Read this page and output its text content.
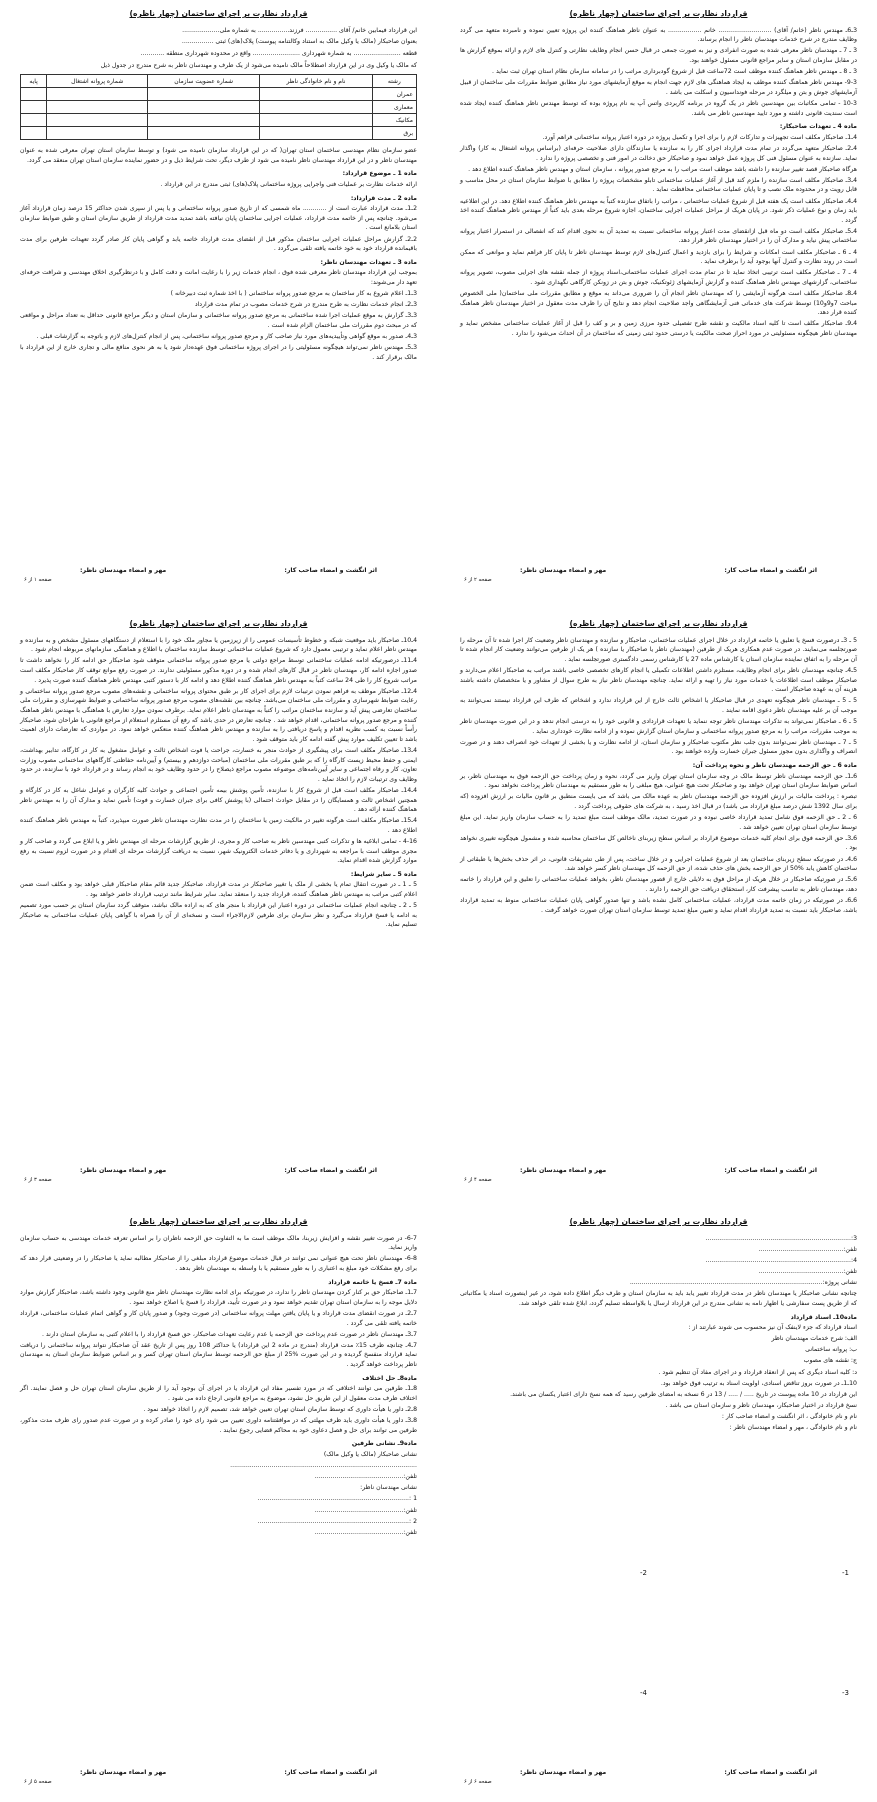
قرارداد نظارت بر اجرای ساختمان (چهار ناظره)
این قرارداد فیمابین خانم/ آقای ................ فرزند................ به شماره ملی...................
بعنوان صاحبکار (مالک یا وکیل مالک به استناد وکالتنامه پیوست) پلاک(های) ثبتی ................
قطعه ........................ به شماره شهرداری ........................ واقع در محدوده شهرداری منطقه ............
که مالک یا وکیل وی در این قرارداد اصطلاحاً مالک نامیده می‌شود از یک طرف و مهندسان ناظر به شرح مندرج در جدول ذیل
رشته	نام و نام خانوادگی ناظر	شماره عضویت سازمان	شماره پروانه اشتغال	پایه
عمران				
معماری				
مکانیک				
برق				
عضو سازمان نظام مهندسی ساختمان استان تهران( که در این قرارداد سازمان نامیده می شود) و توسط سازمان استان تهران معرفی شده به عنوان مهندسان ناظر و در این قرارداد مهندسان ناظر نامیده می شود از طرف دیگر، تحت شرایط ذیل و در حضور نماینده سازمان استان تهران منعقد می گردد.
ماده 1 ـ موضوع قرارداد:
ارائه خدمات نظارت بر عملیات فنی واجرایی پروژه ساختمانی پلاک(های) ثبتی مندرج در این قرارداد .
ماده 2 ـ مدت قرارداد:
2ـ1ـ مدت قرارداد عبارت است از ............ ماه شمسی که از تاریخ صدور پروانه ساختمانی و یا پس از سپری شدن حداکثر 15 درصد زمان قرارداد آغاز می‌شود. چنانچه پس از خاتمه مدت قرارداد، عملیات اجرایی ساختمان پایان نیافته باشد تمدید مدت قرارداد از طریق سازمان استان و طبق ضوابط سازمان استان بلامانع است .
2ـ2ـ گزارش مراحل عملیات اجرایی ساختمان مذکور قبل از انقضای مدت قرارداد خاتمه یابد و گواهی پایان کار صادر گردد تعهدات طرفین برای مدت باقیمانده قرارداد خود به خود خاتمه یافته تلقی می‌گردد .
ماده 3 ـ تعهدات مهندسان ناظر:
بموجب این قرارداد مهندسان ناظر معرفی شده فوق ، انجام خدمات زیر را با رعایت امانت و دقت کامل و با درنظرگیری اخلاق مهندسی و شرافت حرفه‌ای تعهد دار می‌شوند:
3ـ1ـ اعلام شروع به کار ساختمان به مرجع صدور پروانه ساختمانی ( با اخذ شماره ثبت دبیرخانه )
3ـ2ـ انجام خدمات نظارت به طرح مندرج در شرح خدمات مصوب در تمام مدت قرارداد
3ـ3ـ گزارش به موقع عملیات اجرا شده ساختمانی به مرجع صدور پروانه ساختمانی و سازمان استان و دیگر مراجع قانونی حداقل به تعداد مراحل و مواقعی که در مبحث دوم مقررات ملی ساختمان الزام شده است .
3ـ4ـ صدور به موقع گواهی وتأییدیه‌های مورد نیاز صاحب کار و مرجع صدور پروانه ساختمانی، پس از انجام کنترل‌های لازم و باتوجه به گزارشات قبلی .
3ـ5ـ مهندس ناظر نمی‌تواند هیچگونه مسئولیتی را در اجرای پروژه ساختمانی فوق عهده‌دار شود یا به هر نحوی منافع مالی و تجاری خارج از این قرارداد با مالک برقرار کند .
اثر انگشت و امضاء صاحب کار:
مهر و امضاء مهندسان ناظر:
صفحه ۱ از ۶
قرارداد نظارت بر اجرای ساختمان (چهار ناظره)
3ـ6ـ مهندس ناظر (خانم/ آقای) ........................... خانم ................. به عنوان ناظر هماهنگ کننده این پروژه تعیین نموده و نامبرده متعهد می گردد وظایف مندرج در شرح خدمات مهندسان ناظر را انجام برساند.
3 ـ 7 ـ مهندسان ناظر معرفی شده به صورت انفرادی و نیز به صورت جمعی در قبال حسن انجام وظایف نظارتی و کنترل های لازم و ارائه بموقع گزارش ها در مقابل سازمان استان و سایر مراجع قانونی مسئول خواهند بود.
3 ـ 8 ـ مهندس ناظر هماهنگ کننده موظف است 72ساعت قبل از شروع گودبرداری مراتب را در سامانه سازمان نظام استان تهران ثبت نماید .
9-3- مهندس ناظر هماهنگ کننده موظف به ایجاد هماهنگی های لازم جهت انجام به موقع آزمایشهای مورد نیاز مطابق ضوابط مقررات ملی ساختمان از قبیل آزمایشهای جوش و بتن و میلگرد در مرحله فونداسیون و اسکلت می باشد .
10-3 - تمامی مکاتبات بین مهندسین ناظر در یک گروه در برنامه کاربردی واتس آپ به نام پروژه بوده که توسط مهندس ناظر هماهنگ کننده ایجاد شده است سندیت قانونی داشته و مورد تایید مهندسین ناظر می باشد.
ماده 4 ـ تعهدات صاحبکار:
4ـ1ـ صاحبکار مکلف است تجهیزات و تدارکات لازم را برای اجرا و تکمیل پروژه در دوره اعتبار پروانه ساختمانی فراهم آورد.
4ـ2ـ صاحبکار متعهد می‌گردد در تمام مدت قرارداد اجرای کار را به سازنده یا سازندگان دارای صلاحیت حرفه‌ای (براساس پروانه اشتغال به کار) واگذار نماید. سازنده به عنوان مسئول فنی کل پروژه عمل خواهد نمود و صاحبکار حق دخالت در امور فنی و تخصصی پروژه را ندارد .
هرگاه صاحبکار قصد تغییر سازنده را داشته باشد موظف است مراتب را به مرجع صدور پروانه ، سازمان استان و مهندس ناظر هماهنگ کننده اطلاع دهد .
4ـ3ـ صاحبکار مکلف است سازنده را ملزم کند قبل از آغاز عملیات ساختمانی تابلو مشخصات پروژه را مطابق با ضوابط سازمان استان در محل مناسب و قابل رویت و در محدوده ملک نصب و تا پایان عملیات ساختمانی محافظت نماید .
4ـ4ـ صاحبکار مکلف است یک هفته قبل از شروع عملیات ساختمانی ، مراتب را باتفاق سازنده کتباً به مهندس ناظر هماهنگ کننده اطلاع دهد. در این اطلاعیه باید زمان و نوع عملیات ذکر شود. در پایان هریک از مراحل عملیات اجرایی ساختمان، اجازه شروع مرحله بعدی باید کتباً از مهندس ناظر هماهنگ کننده اخذ گردد .
4ـ5ـ صاحبکار مکلف است دو ماه قبل ازانقضای مدت اعتبار پروانه ساختمانی نسبت به تمدید آن به نحوی اقدام کند که انفصالی در استمرار اعتبار پروانه ساختمانی پیش نیاید و مدارک آن را در اختیار مهندسان ناظر قرار دهد.
4 ـ 6 ـ صاحبکار مکلف است امکانات و شرایط را برای بازدید و اعمال کنترل‌های لازم توسط مهندسان ناظر تا پایان کار فراهم نماید و موانعی که ممکن است در روند نظارت و کنترل آنها بوجود آید را برطرف نماید .
4 ـ 7 ـ صاحبکار مکلف است ترتیبی اتخاذ نماید تا در تمام مدت اجرای عملیات ساختمانی،اسناد پروژه از جمله نقشه های اجرایی مصوب، تصویر پروانه ساختمانی، گزارشهای مهندس ناظر هماهنگ کننده و گزارش آزمایشهای ژئوتکنیک، جوش و بتن در زونکن کارگاهی نگهداری شود .
4ـ8ـ صاحبکار مکلف است هرگونه آزمایشی را که مهندسان ناظر انجام آن را ضروری می‌داند به موقع و مطابق مقررات ملی ساختمان( ملی الخصوص مباحث 7و9و10) توسط شرکت های خدماتی فنی آزمایشگاهی واجد صلاحیت انجام دهد و نتایج آن را ظرف مدت معقول در اختیار مهندسان ناظر هماهنگ کننده قرار دهد.
4ـ9ـ صاحبکار مکلف است تا کلیه اسناد مالکیت و نقشه طرح تفصیلی حدود مرزی زمین و بر و کف را قبل از آغاز عملیات ساختمانی مشخص نماید و مهندسان ناظر هیچگونه مسئولیتی در مورد احراز صحت مالکیت یا درستی حدود ثبتی زمینی که ساختمان در آن احداث می‌شود را ندارد .
اثر انگشت و امضاء صاحب کار:
مهر و امضاء مهندسان ناظر:
صفحه ۲ از ۶
قرارداد نظارت بر اجرای ساختمان (چهار ناظره)
4ـ10ـ صاحبکار باید موقعیت شبکه و خطوط تأسیسات عمومی را از زیرزمین یا مجاور ملک خود را با استعلام از دستگاههای مسئول مشخص و به سازنده و مهندس ناظر اعلام نماید و ترتیبی معمول دارد که شروع عملیات ساختمانی توسط سازنده ساختمان با اطلاع و هماهنگی سازمانهای مربوطه انجام شود .
4ـ11ـ درصورتیکه ادامه عملیات ساختمانی توسط مراجع دولتی یا مرجع صدور پروانه ساختمانی متوقف شود صاحبکار حق ادامه کار را نخواهد داشت تا صدور اجازه ادامه کار، مهندسان ناظر در قبال کارهای انجام شده و در دوره مذکور مسئولیتی ندارند. در صورت رفع موانع توقف کار صاحبکار مکلف است مراتب شروع کار را طی 24 ساعت کتباً به مهندس ناظر هماهنگ کننده اطلاع دهد و ادامه کار با دستور کتبی مهندس ناظر هماهنگ کننده صورت پذیرد .
4ـ12ـ صاحبکار موظف به فراهم نمودن ترتیبات لازم برای اجرای کار بر طبق محتوای پروانه ساختمانی و نقشه‌های مصوب مرجع صدور پروانه ساختمانی و رعایت ضوابط شهرسازی و مقررات ملی ساختمان می‌باشد. چنانچه بین نقشه‌های مصوب مرجع صدور پروانه ساختمانی و ضوابط شهرسازی و مقررات ملی ساختمان تعارضی پیش آید و سازنده ساختمان مراتب را کتباً به مهندسان ناظر اعلام نماید. برطرف نمودن موارد تعارض با هماهنگی با مهندس ناظر هماهنگ کننده و مرجع صدور پروانه ساختمانی، اقدام خواهد شد . چنانچه تعارض در حدی باشد که رفع آن مستلزم استعلام از مراجع قانونی یا طراحان شود، صاحبکار رأساً نسبت به کسب نظریه اقدام و پاسخ دریافتی را به سازنده و مهندس ناظر هماهنگ کننده منعکس خواهد نمود. در مواردی که تعارضات دارای اهمیت باشد تا تعیین تکلیف موارد پیش گفته ادامه کار باید متوقف شود .
4ـ13ـ صاحبکار مکلف است برای پیشگیری از حوادث منجر به خسارت، جراحت یا فوت اشخاص ثالث و عوامل مشغول به کار در کارگاه، تدابیر بهداشت، ایمنی و حفظ محیط زیست کارگاه را که بر طبق مقررات ملی ساختمان (مباحث دوازدهم و بیستم) و آیین‌نامه حفاظتی کارگاههای ساختمانی مصوب وزارت تعاون، کار و رفاه اجتماعی و سایر آیین‌نامه‌های موضوعه مصوب مراجع ذیصلاح را در حدود وظایف خود به انجام رساند و در قرارداد خود با سازنده، در حدود وظایف وی ترتیبات لازم را اتخاذ نماید .
4ـ14ـ صاحبکار مکلف است قبل از شروع کار با سازنده، تأمین پوشش بیمه تأمین اجتماعی و حوادث کلیه کارگران و عوامل شاغل به کار در کارگاه و همچنین اشخاص ثالث و همسایگان را در مقابل حوادث احتمالی (با پوشش کافی برای جبران خسارت و فوت) تأمین نماید و مدارک آن را به مهندس ناظر هماهنگ کننده ارائه دهد .
4ـ15ـ صاحبکار مکلف است هرگونه تغییر در مالکیت زمین یا ساختمان را در مدت نظارت مهندسان ناظر صورت میپذیرد، کتباً به مهندس ناظر هماهنگ کننده اطلاع دهد .
4-16 - تمامی ابلاغیه ها و تذکرات کتبی مهندسین ناظر به صاحب کار و مجری، از طریق گزارشات مرحله ای مهندس ناظر و یا ابلاغ می گردد و صاحب کار و مجری موظف است با مراجعه به شهرداری و یا دفاتر خدمات الکترونیک شهر، نسبت به دریافت گزارشات مرحله ای اقدام و در صورت لزوم نسبت به رفع موارد گزارش شده اقدام نماید.
ماده 5 ـ سایر شرایط:
5 ـ 1 ـ در صورت انتقال تمام یا بخشی از ملک یا تغییر صاحبکار در مدت قرارداد، صاحبکار جدید قائم مقام صاحبکار قبلی خواهد بود و مکلف است ضمن اعلام کتبی مراتب به مهندس ناظر هماهنگ کننده، قرارداد جدید را منعقد نماید. سایر شرایط مانند ترتیب قرارداد حاضر خواهد بود .
5 ـ 2 ـ چنانچه انجام عملیات ساختمانی در دوره اعتبار این قرارداد با منجر های که به اراده مالک نباشد، متوقف گردد سازمان استان بر حسب مورد تصمیم به ادامه یا فسخ قرارداد می‌گیرد و نظر سازمان برای طرفین لازم‌الاجراء است و نسخه‌ای از آن را همراه با گواهی پایان عملیات ساختمانی به صاحبکار تسلیم نماید.
اثر انگشت و امضاء صاحب کار:
مهر و امضاء مهندسان ناظر:
صفحه ۳ از ۶
قرارداد نظارت بر اجرای ساختمان (چهار ناظره)
5 ـ 3ـ درصورت فسخ یا تعلیق یا خاتمه قرارداد در خلال اجرای عملیات ساختمانی، صاحبکار و سازنده و مهندسان ناظر وضعیت کار اجرا شده تا آن مرحله را صورتجلسه می‌نمایند. در صورت عدم همکاری هریک از طرفین (مهندسان ناظر یا صاحبکار یا سازنده ) هر یک از طرفین می‌توانند وضعیت کار انجام شده تا آن مرحله را به اتفاق نماینده سازمان استان یا کارشناس ماده 27 یا کارشناس رسمی دادگستری صورتجلسه نماید .
5ـ4ـ چنانچه مهندسان ناظر برای انجام وظایف، مستلزم داشتن اطلاعات تکمیلی یا انجام کارهای تخصصی خاصی باشند مراتب به صاحبکار اعلام می‌دارند و صاحبکار موظف است اطلاعات یا خدمات مورد نیاز را تهیه و ارائه نماید. چنانچه مهندسان ناظر نیاز به طرح سوال از مشاور و یا متخصصان داشته باشند هزینه آن به عهده صاحبکار است .
5 ـ 5 ـ مهندسان ناظر هیچگونه تعهدی در قبال صاحبکار یا اشخاص ثالث خارج از این قرارداد ندارد و اشخاص که طرف این قرارداد نیستند نمی‌توانند به موجب آن بر علیه مهندسان ناظر دعوی اقامه نمایند .
5 ـ 6 ـ صاحبکار نمی‌تواند به تذکرات مهندسان ناظر توجه ننماید یا تعهدات قراردادی و قانونی خود را به درستی انجام ندهد و در این صورت مهندسان ناظر به موجب مقررات، مراتب را به مرجع صدور پروانه ساختمانی و سازمان استان گزارش نموده و از ادامه نظارت خودداری نماید .
5 ـ 7 ـ مهندسان ناظر نمی‌توانند بدون جلب نظر مکتوب صاحبکار و سازمان استان، از ادامه نظارت و یا بخشی از تعهدات خود انصراف دهند و در صورت انصراف و واگذاری بدون مجوز مسئول جبران خسارت وارده خواهند بود .
ماده 6 ـ حق الزحمه مهندسان ناظر و نحوه پرداخت آن:
6ـ1ـ حق الزحمه مهندسان ناظر توسط مالک در وجه سازمان استان تهران واریز می گردد، نحوه و زمان پرداخت حق الزحمه فوق به مهندسان ناظر، بر اساس ضوابط سازمان استان تهران خواهد بود و صاحبکار تحت هیچ عنوانی، هیچ مبلغی را به طور مستقیم به مهندسان ناظر پرداخت نخواهد نمود .
تبصره : پرداخت مالیات بر ارزش افزوده حق الزحمه مهندسان ناظر به عهده مالک می باشد که می بایست منطبق بر قانون مالیات بر ارزش افزوده (که برای سال 1392 شش درصد مبلغ قرارداد می باشد) در قبال اخذ رسید ، به شرکت های حقوقی پرداخت گردد .
6 ـ 2 ـ حق الزحمه فوق شامل تمدید قرارداد خاصی نبوده و در صورت تمدید، مالک موظف است مبلغ تمدید را به حساب سازمان واریز نماید. این مبلغ توسط سازمان استان تهران تعیین خواهد شد .
6ـ3ـ حق الزحمه فوق برای انجام کلیه خدمات موضوع قرارداد بر اساس سطح زیربنای ناخالص کل ساختمان محاسبه شده و مشمول هیچگونه تغییری نخواهد بود .
6ـ4ـ در صورتیکه سطح زیربنای ساختمان بعد از شروع عملیات اجرایی و در خلال ساخت، پس از طی تشریفات قانونی، در اثر حذف بخش‌ها یا طبقاتی از ساختمان کاهش یابد %50 از حق الزحمه بخش های حذف شده، از حق الزحمه کل مهندسان ناظر کسر خواهد شد.
6ـ5ـ در صورتیکه صاحبکار در خلال هریک از مراحل فوق به دلایلی خارج از قصور مهندسان ناظر، بخواهد عملیات ساختمانی را تعلیق و این قرارداد را خاتمه دهد، مهندسان ناظر به تناسب پیشرفت کار، استحقاق دریافت حق الزحمه را دارند .
6ـ6ـ در صورتیکه در زمان خاتمه مدت قرارداد، عملیات ساختمانی کامل نشده باشد و تنها صدور گواهی پایان عملیات ساختمانی منوط به تمدید قرارداد باشد، صاحبکار باید نسبت به تمدید قرارداد اقدام نماید و تعیین مبلغ تمدید توسط سازمان استان تهران صورت خواهد گرفت .
اثر انگشت و امضاء صاحب کار:
مهر و امضاء مهندسان ناظر:
صفحه ۴ از ۶
قرارداد نظارت بر اجرای ساختمان (چهار ناظره)
6-7- در صورت تغییر نقشه و افزایش زیربنا، مالک موظف است ما به التفاوت حق الزحمه ناظران را بر اساس تعرفه خدمات مهندسی به حساب سازمان واریز نماید.
6-8- مهندسان ناظر تحت هیچ عنوانی نمی توانند در قبال خدمات موضوع قرارداد مبلغی را از صاحبکار مطالبه نماید یا صاحبکار را در وضعیتی قرار دهد که برای رفع مشکلات خود مبلغ به اعتباری را به طور مستقیم یا با واسطه به مهندسان ناظر بدهد .
ماده 7ـ فسخ یا خاتمه قرارداد
7ـ1ـ صاحبکار حق بر کنار کردن مهندسان ناظر را ندارد، در صورتیکه برای ادامه نظارت مهندسان ناظر منع قانونی وجود داشته باشد، صاحبکار گزارش موارد دلایل موجه را به سازمان استان تهران تقدیم خواهد نمود و در صورت تأیید، قرارداد را فسخ یا اصلاح خواهد نمود .
7ـ2ـ در صورت انقضای مدت قرارداد و یا پایان یافتن مهلت پروانه ساختمانی (در صورت وجود) و صدور پایان کار و گواهی اتمام عملیات ساختمانی، قرارداد خاتمه یافته تلقی می گردد .
7ـ3ـ مهندسان ناظر در صورت عدم پرداخت حق الزحمه یا عدم رعایت تعهدات صاحبکار، حق فسخ قرارداد را با اعلام کتبی به سازمان استان دارند .
7ـ4ـ چنانچه ظرف 15٪ مدت قرارداد (مندرج در ماده 2 این قرارداد) یا حداکثر 108 روز پس از تاریخ عقد آن صاحبکار نتواند پروانه ساختمانی را دریافت نماید قرارداد منفسخ گردیده و در این صورت %25 از مبلغ حق الزحمه توسط سازمان استان تهران کسر و بر اساس ضوابط سازمان استان به مهندسان ناظر پرداخت خواهد گردید .
ماده8ـ حل اختلاف
8ـ1ـ طرفین می توانند اختلافی که در مورد تفسیر مفاد این قرارداد یا در اجرای آن بوجود آید را از طریق سازمان استان تهران حل و فصل نمایند. اگر اختلاف ظرف مدت معقول از این طریق حل نشود، موضوع به مراجع قانونی ارجاع داده می شود .
8ـ2ـ داور یا هیأت داوری که توسط سازمان استان تهران تعیین خواهد شد، تصمیم لازم را اتخاذ خواهد نمود .
8ـ3ـ داور یا هیأت داوری باید ظرف مهلتی که در موافقتنامه داوری تعیین می شود رای خود را صادر کرده و در صورت عدم صدور رای ظرف مدت مذکور، طرفین می توانند برای حل و فصل دعاوی خود به محاکم قضایی رجوع نمایند .
ماده9ـ نشانی طرفین
نشانی صاحبکار (مالک یا وکیل مالک)
...............................................................................................
تلفن:.............................................
نشانی مهندسان ناظر:
1 :.............................................................................
تلفن:.............................................
2 :.............................................................................
تلفن:.............................................
اثر انگشت و امضاء صاحب کار:
مهر و امضاء مهندسان ناظر:
صفحه ۵ از ۶
قرارداد نظارت بر اجرای ساختمان (چهار ناظره)
3:..........................................................................
تلفن:...........................................
4:..........................................................................
تلفن:...........................................
نشانی پروژه:..................................................................................................
چنانچه نشانی صاحبکار یا مهندسان ناظر در مدت قرارداد تغییر یابد باید به سازمان استان و طرف دیگر اطلاع داده شود، در غیر اینصورت اسناد یا مکاتباتی که از طریق پست سفارشی یا اظهار نامه به نشانی مندرج در این قرارداد ارسال یا بلاواسطه تسلیم گردد، ابلاغ شده تلقی خواهد شد.
ماده10ـ اسناد قرارداد
اسناد قرارداد که جزء لاینفک آن نیز محسوب می شوند عبارتند از :
الف: شرح خدمات مهندسان ناظر
ب: پروانه ساختمانی
ج: نقشه های مصوب
د: کلیه اسناد دیگری که پس از انعقاد قرارداد و در اجرای مفاد آن تنظیم شود .
10ـ1ـ در صورت بروز تناقض اسنادی، اولویت اسناد به ترتیب فوق خواهد بود.
این قرارداد در 10 ماده پیوست در تاریخ ..... / ..... / 13 در 6 نسخه به امضای طرفین رسید که همه نسخ دارای اعتبار یکسان می باشند.
نسخ قرارداد در اختیار صاحبکار، مهندسان ناظر و سازمان استان می باشد .
نام و نام خانوادگی ، اثر انگشت و امضاء صاحب کار :
نام و نام خانوادگی ، مهر و امضاء مهندسان ناظر :
1-
2-
3-
4-
اثر انگشت و امضاء صاحب کار:
مهر و امضاء مهندسان ناظر:
صفحه ۶ از ۶
